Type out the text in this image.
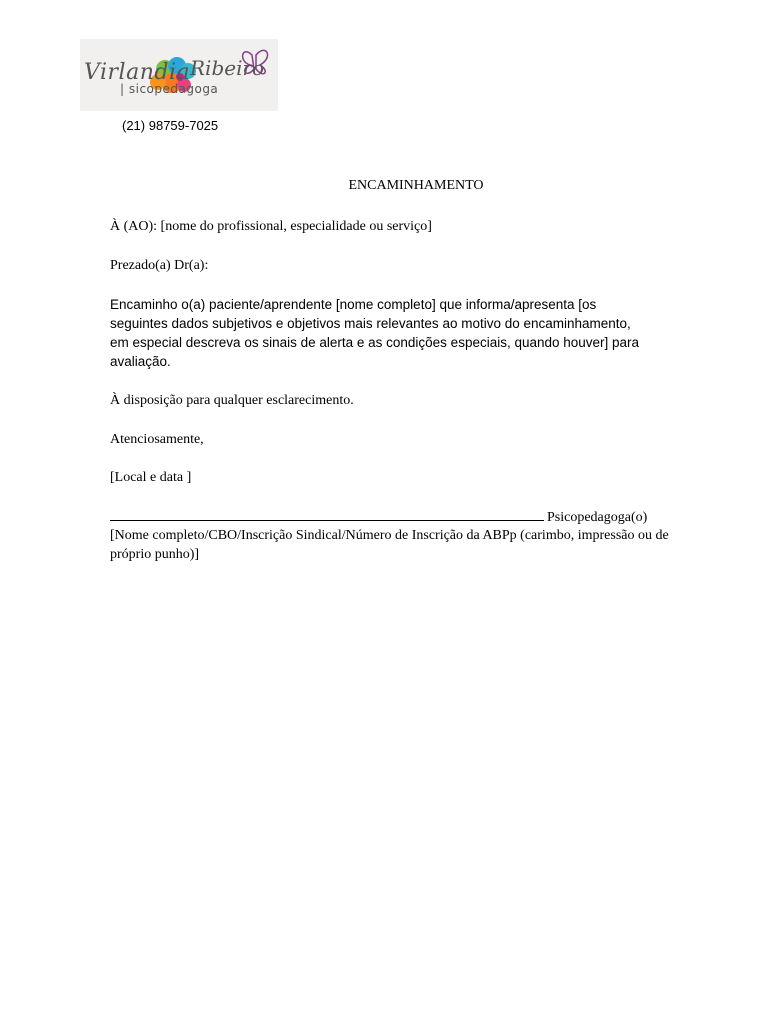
Virlandia Ribeiro
| sicopedagoga
(21) 98759-7025
ENCAMINHAMENTO
À (AO): [nome do profissional, especialidade ou serviço]
Prezado(a) Dr(a):
Encaminho o(a) paciente/aprendente [nome completo] que informa/apresenta [os seguintes dados subjetivos e objetivos mais relevantes ao motivo do encaminhamento, em especial descreva os sinais de alerta e as condições especiais, quando houver] para avaliação.
À disposição para qualquer esclarecimento.
Atenciosamente,
[Local e data ]
Psicopedagoga(o)
[Nome completo/CBO/Inscrição Sindical/Número de Inscrição da ABPp (carimbo, impressão ou de próprio punho)]
